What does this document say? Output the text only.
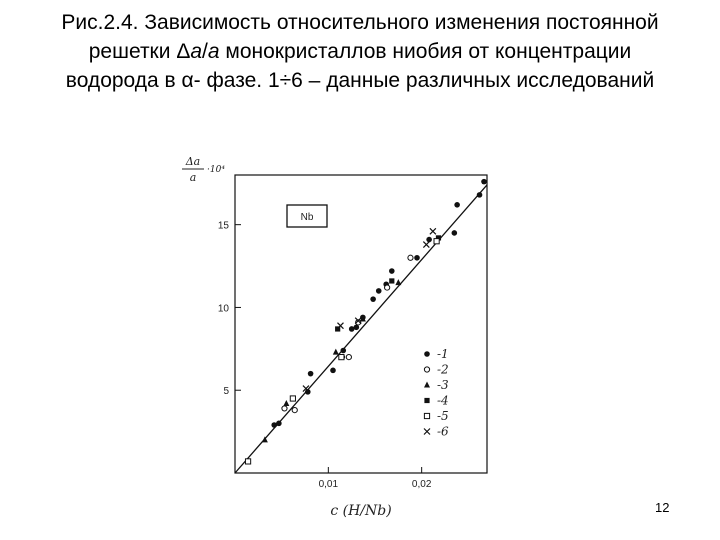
Рис.2.4. Зависимость относительного изменения постоянной решетки Δa/a монокристаллов ниобия от концентрации водорода в α- фазе. 1÷6 – данные различных исследований
0,01	0,02
5
10
15
Δa
a
·10⁴
c (H/Nb)
Nb
-1
-2
-3
-4
-5
-6
12
